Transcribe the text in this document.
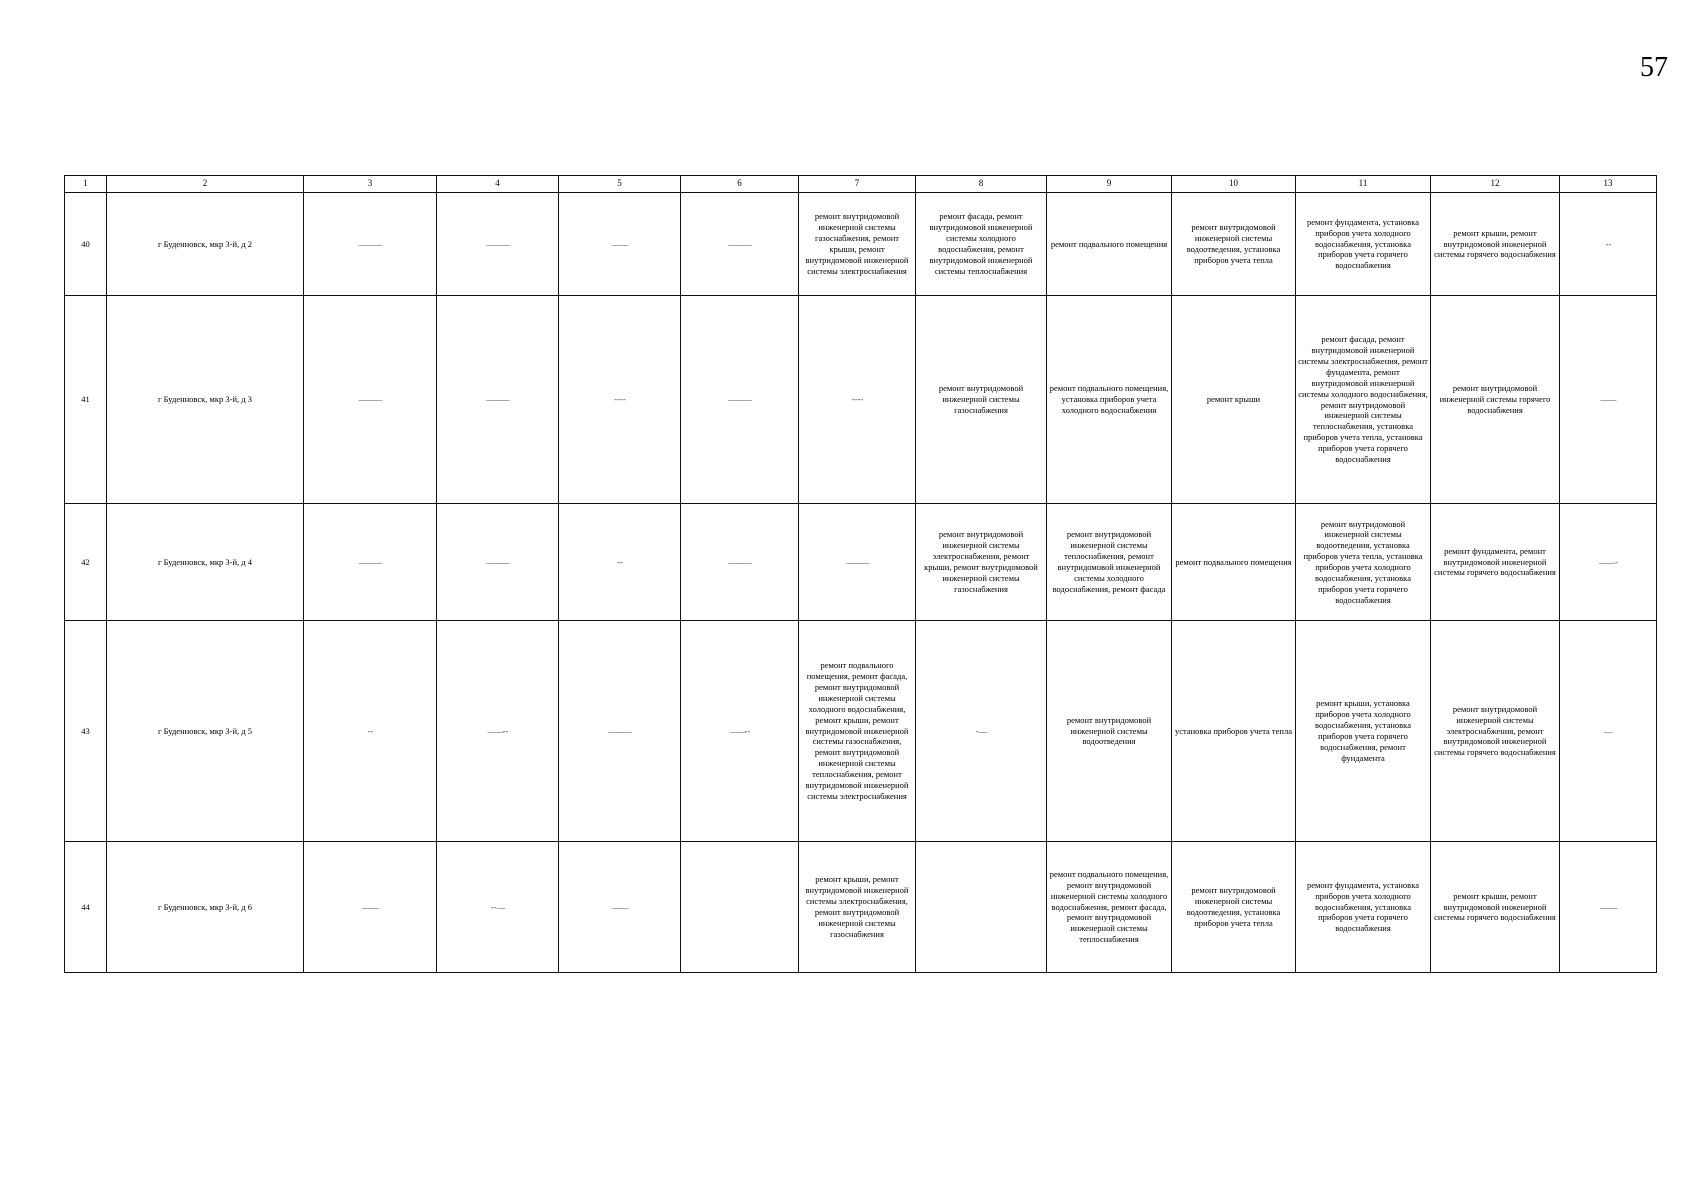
57
1	2	3	4	5	6	7	8	9	10	11	12	13
40	г Буденновск, мкр 3-й, д 2	———	———	— —	———	ремонт внутридомовой инженерной системы газоснабжения, ремонт крыши, ремонт внутридомовой инженерной системы электроснабжения	ремонт фасада, ремонт внутридомовой инженерной системы холодного водоснабжения, ремонт внутридомовой инженерной системы теплоснабжения	ремонт подвального помещения	ремонт внутридомовой инженерной системы водоотведения, установка приборов учета тепла	ремонт фундамента, установка приборов учета холодного водоснабжения, установка приборов учета горячего водоснабжения	ремонт крыши, ремонт внутридомовой инженерной системы горячего водоснабжения	- -
41	г Буденновск, мкр 3-й, д 3	———	———	- - - -	———	- - - -	ремонт внутридомовой инженерной системы газоснабжения	ремонт подвального помещения, установка приборов учета холодного водоснабжения	ремонт крыши	ремонт фасада, ремонт внутридомовой инженерной системы электроснабжения, ремонт фундамента, ремонт внутридомовой инженерной системы холодного водоснабжения, ремонт внутридомовой инженерной системы теплоснабжения, установка приборов учета тепла, установка приборов учета горячего водоснабжения	ремонт внутридомовой инженерной системы горячего водоснабжения	——
42	г Буденновск, мкр 3-й, д 4	———	———	- -	———	———	ремонт внутридомовой инженерной системы электроснабжения, ремонт крыши, ремонт внутридомовой инженерной системы газоснабжения	ремонт внутридомовой инженерной системы теплоснабжения, ремонт внутридомовой инженерной системы холодного водоснабжения, ремонт фасада	ремонт подвального помещения	ремонт внутридомовой инженерной системы водоотведения, установка приборов учета тепла, установка приборов учета холодного водоснабжения, установка приборов учета горячего водоснабжения	ремонт фундамента, ремонт внутридомовой инженерной системы горячего водоснабжения	—— -
43	г Буденновск, мкр 3-й, д 5	- -	——- -	———	——- -	ремонт подвального помещения, ремонт фасада, ремонт внутридомовой инженерной системы холодного водоснабжения, ремонт крыши, ремонт внутридомовой инженерной системы газоснабжения, ремонт внутридомовой инженерной системы теплоснабжения, ремонт внутридомовой инженерной системы электроснабжения	- —	ремонт внутридомовой инженерной системы водоотведения	установка приборов учета тепла	ремонт крыши, установка приборов учета холодного водоснабжения, установка приборов учета горячего водоснабжения, ремонт фундамента	ремонт внутридомовой инженерной системы электроснабжения, ремонт внутридомовой инженерной системы горячего водоснабжения	—
44	г Буденновск, мкр 3-й, д 6	— —	- - —	— —		ремонт крыши, ремонт внутридомовой инженерной системы электроснабжения, ремонт внутридомовой инженерной системы газоснабжения		ремонт подвального помещения, ремонт внутридомовой инженерной системы холодного водоснабжения, ремонт фасада, ремонт внутридомовой инженерной системы теплоснабжения	ремонт внутридомовой инженерной системы водоотведения, установка приборов учета тепла	ремонт фундамента, установка приборов учета холодного водоснабжения, установка приборов учета горячего водоснабжения	ремонт крыши, ремонт внутридомовой инженерной системы горячего водоснабжения	— —
